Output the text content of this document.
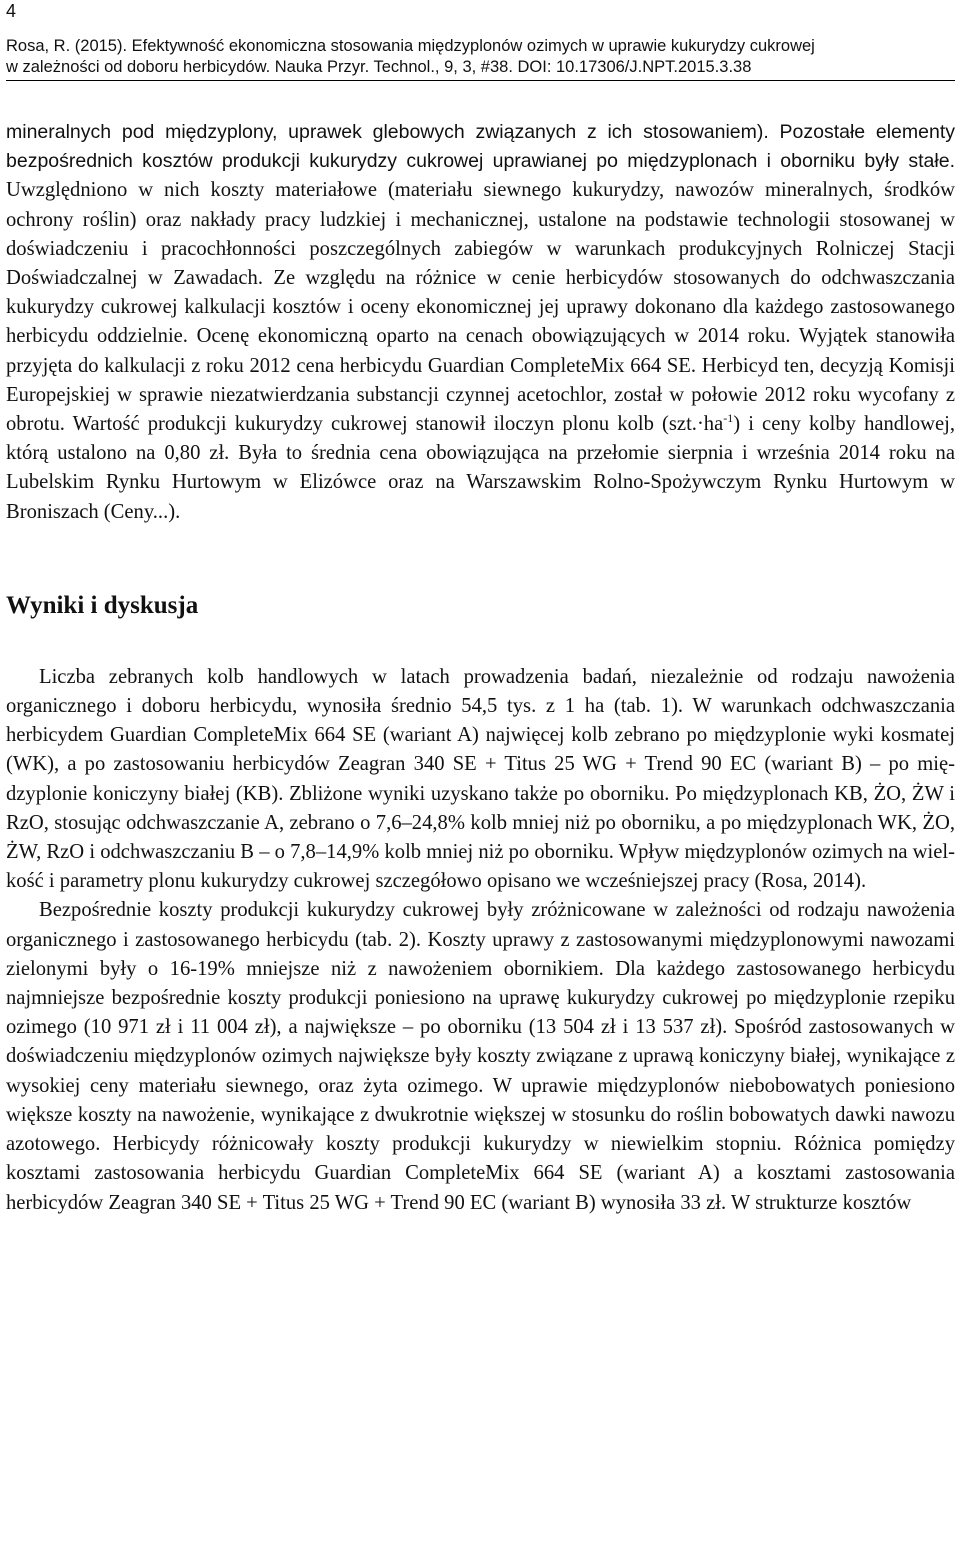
4
Rosa, R. (2015). Efektywność ekonomiczna stosowania międzyplonów ozimych w uprawie kukurydzy cukrowej
w zależności od doboru herbicydów. Nauka Przyr. Technol., 9, 3, #38. DOI: 10.17306/J.NPT.2015.3.38

mineralnych pod międzyplony, uprawek glebowych związanych z ich stosowaniem). Pozostałe elementy bezpośrednich kosztów produkcji kukurydzy cukrowej uprawianej po międzyplonach i oborniku były stałe. Uwzględniono w nich koszty materiałowe (materiału siewnego kukurydzy, nawozów mineralnych, środków ochrony roślin) oraz nakłady pracy ludzkiej i mechanicznej, ustalone na podstawie technologii stosowanej w doświadczeniu i pracochłonności poszczególnych zabiegów w warunkach produkcyjnych Rolniczej Stacji Doświadczalnej w Zawadach. Ze względu na różnice w cenie herbicydów stosowanych do odchwaszczania kukurydzy cukrowej kalkulacji kosztów i oceny ekonomicznej jej uprawy dokonano dla każdego zastosowanego herbicydu oddzielnie. Ocenę ekonomiczną oparto na cenach obowiązujących w 2014 roku. Wyjątek stanowiła przyjęta do kalkulacji z roku 2012 cena herbicydu Guardian CompleteMix 664 SE. Herbicyd ten, decyzją Komisji Europejskiej w sprawie niezatwierdzania substancji czynnej acetochlor, został w połowie 2012 roku wycofany z obrotu. Wartość produkcji kukurydzy cukrowej stanowił iloczyn plonu kolb $(szt.\cdot ha^{-1})$ i ceny kolby handlowej, którą ustalono na 0,80 zł. Była to średnia cena obowiązująca na przełomie sierpnia i września 2014 roku na Lubelskim Rynku Hurtowym w Elizówce oraz na Warszawskim Rolno-Spożywczym Rynku Hurtowym w Broniszach (Ceny...).

Wyniki i dyskusja

Liczba zebranych kolb handlowych w latach prowadzenia badań, niezależnie od rodzaju nawożenia organicznego i doboru herbicydu, wynosiła średnio 54,5 tys. z 1 ha (tab. 1). W warunkach odchwaszczania herbicydem Guardian CompleteMix 664 SE (wariant A) najwięcej kolb zebrano po międzyplonie wyki kosmatej (WK), a po zastosowaniu herbicydów Zeagran 340 SE + Titus 25 WG + Trend 90 EC (wariant B) – po międzyplonie koniczyny białej (KB). Zbliżone wyniki uzyskano także po oborniku. Po międzyplonach KB, ŻO, ŻW i RzO, stosując odchwaszczanie A, zebrano o 7,6–24,8% kolb mniej niż po oborniku, a po międzyplonach WK, ŻO, ŻW, RzO i odchwaszczaniu B – o 7,8–14,9% kolb mniej niż po oborniku. Wpływ międzyplonów ozimych na wielkość i parametry plonu kukurydzy cukrowej szczegółowo opisano we wcześniejszej pracy (Rosa, 2014).

Bezpośrednie koszty produkcji kukurydzy cukrowej były zróżnicowane w zależności od rodzaju nawożenia organicznego i zastosowanego herbicydu (tab. 2). Koszty uprawy z zastosowanymi międzyplonowymi nawozami zielonymi były o 16-19% mniejsze niż z nawożeniem obornikiem. Dla każdego zastosowanego herbicydu najmniejsze bezpośrednie koszty produkcji poniesiono na uprawę kukurydzy cukrowej po międzyplonie rzepiku ozimego (10 971 zł i 11 004 zł), a największe – po oborniku (13 504 zł i 13 537 zł). Spośród zastosowanych w doświadczeniu międzyplonów ozimych największe były koszty związane z uprawą koniczyny białej, wynikające z wysokiej ceny materiału siewnego, oraz żyta ozimego. W uprawie międzyplonów niebobowatych poniesiono większe koszty na nawożenie, wynikające z dwukrotnie większej w stosunku do roślin bobowatych dawki nawozu azotowego. Herbicydy różnicowały koszty produkcji kukurydzy w niewielkim stopniu. Różnica pomiędzy kosztami zastosowania herbicydu Guardian CompleteMix 664 SE (wariant A) a kosztami zastosowania herbicydów Zeagran 340 SE + Titus 25 WG + Trend 90 EC (wariant B) wynosiła 33 zł. W strukturze kosztów
